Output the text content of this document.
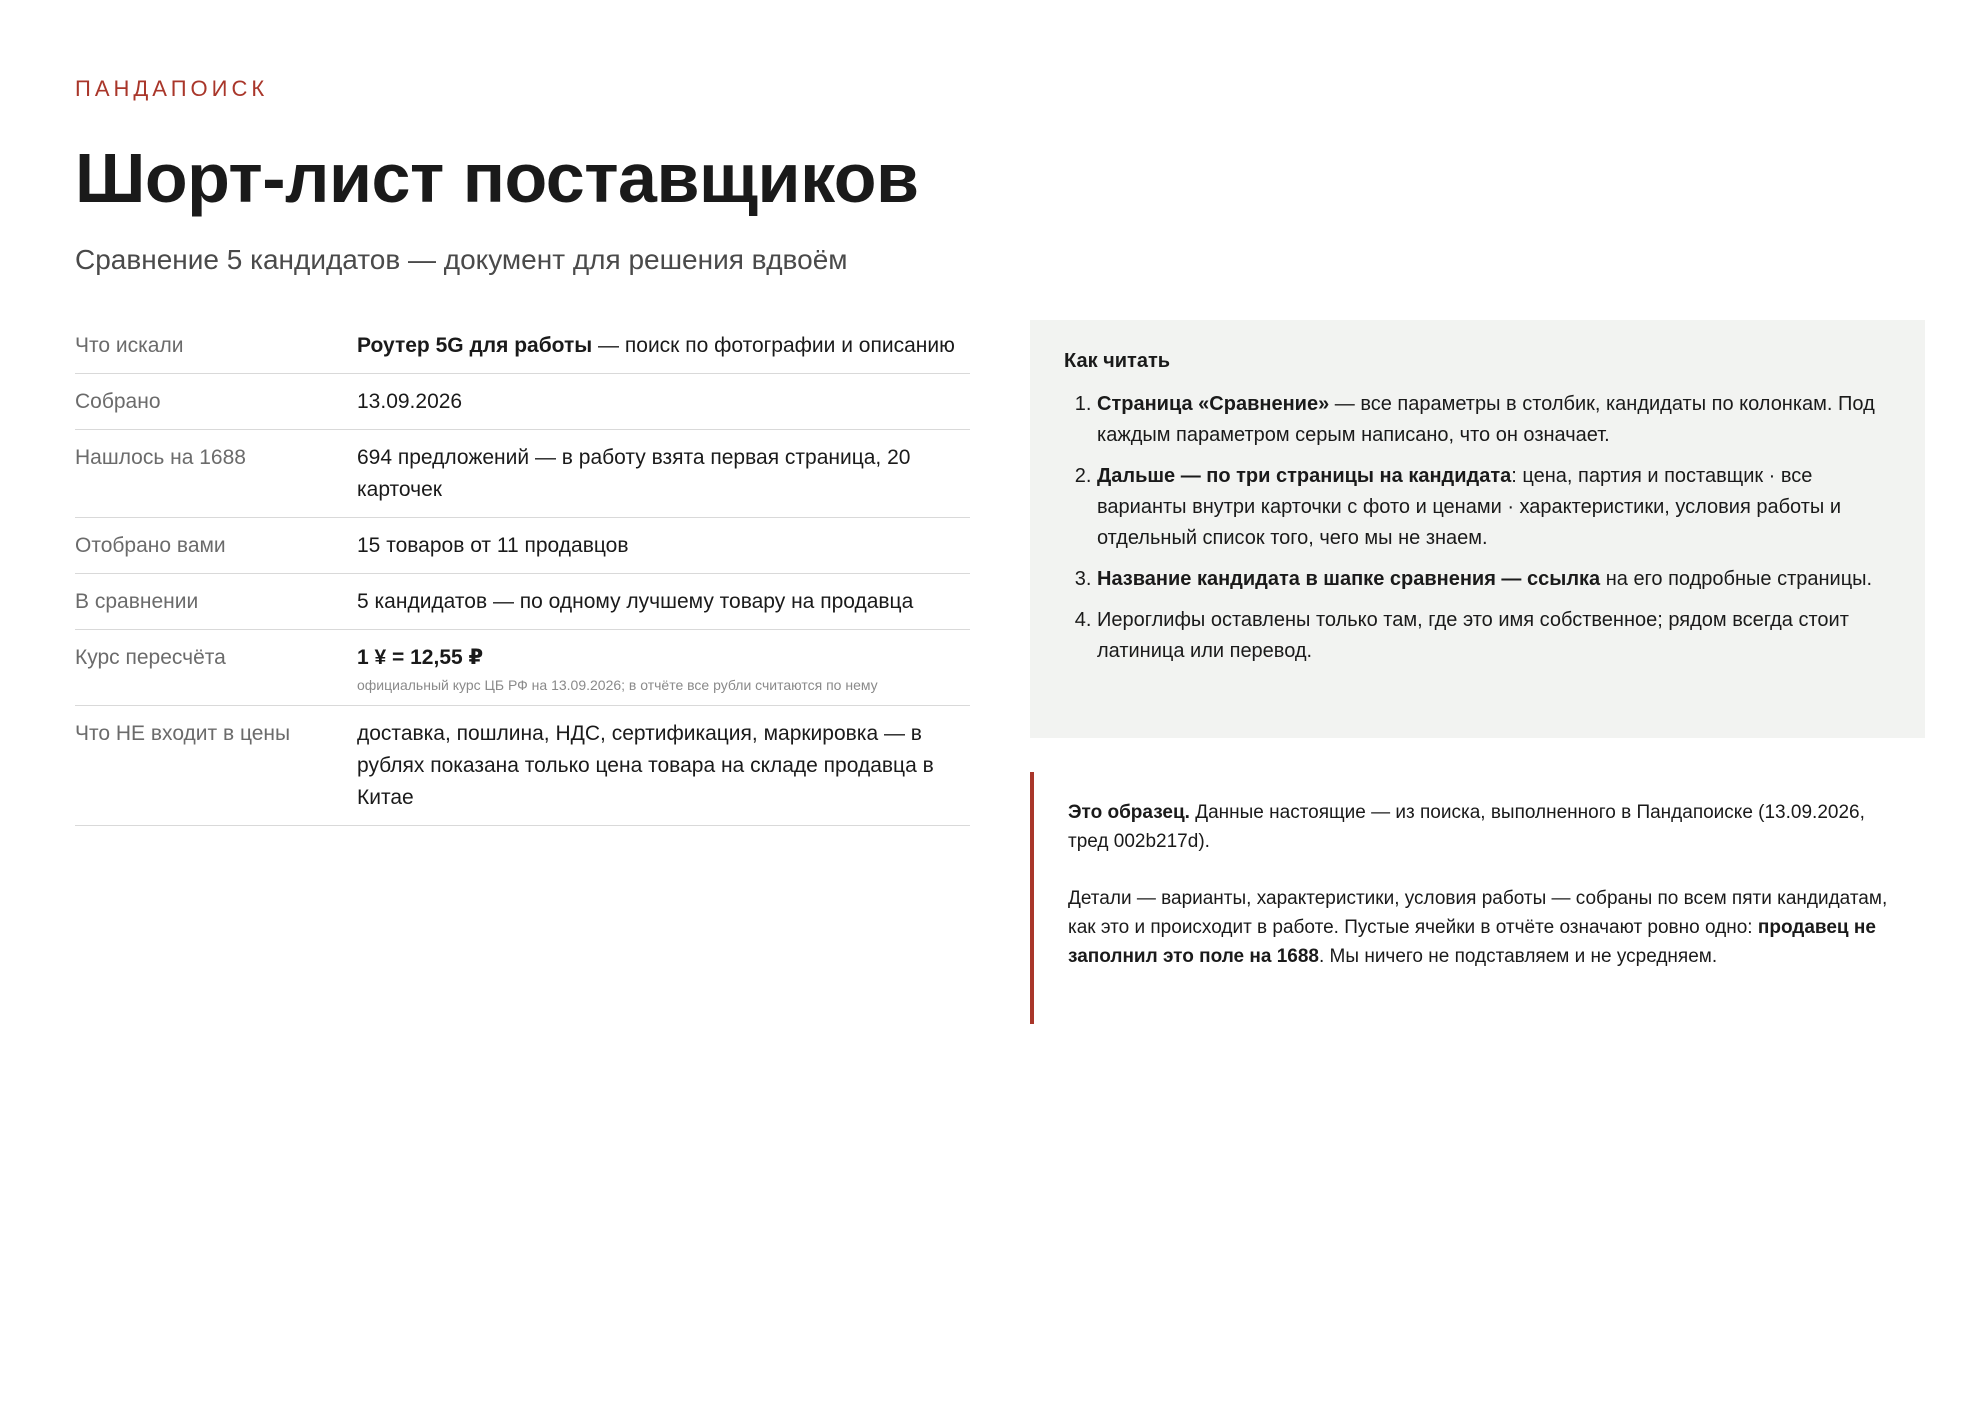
ПАНДАПОИСК
Шорт-лист поставщиков
Сравнение 5 кандидатов — документ для решения вдвоём
Что искали	Роутер 5G для работы — поиск по фотографии и описанию
Собрано	13.09.2026
Нашлось на 1688	694 предложений — в работу взята первая страница, 20 карточек
Отобрано вами	15 товаров от 11 продавцов
В сравнении	5 кандидатов — по одному лучшему товару на продавца
Курс пересчёта	1 ¥ = 12,55 ₽
официальный курс ЦБ РФ на 13.09.2026; в отчёте все рубли считаются по нему
Что НЕ входит в цены	доставка, пошлина, НДС, сертификация, маркировка — в рублях показана только цена товара на складе продавца в Китае
Как читать
1. Страница «Сравнение» — все параметры в столбик, кандидаты по колонкам. Под каждым параметром серым написано, что он означает.
2. Дальше — по три страницы на кандидата: цена, партия и поставщик · все варианты внутри карточки с фото и ценами · характеристики, условия работы и отдельный список того, чего мы не знаем.
3. Название кандидата в шапке сравнения — ссылка на его подробные страницы.
4. Иероглифы оставлены только там, где это имя собственное; рядом всегда стоит латиница или перевод.

Это образец. Данные настоящие — из поиска, выполненного в Пандапоиске (13.09.2026, тред 002b217d).

Детали — варианты, характеристики, условия работы — собраны по всем пяти кандидатам, как это и происходит в работе. Пустые ячейки в отчёте означают ровно одно: продавец не заполнил это поле на 1688. Мы ничего не подставляем и не усредняем.
